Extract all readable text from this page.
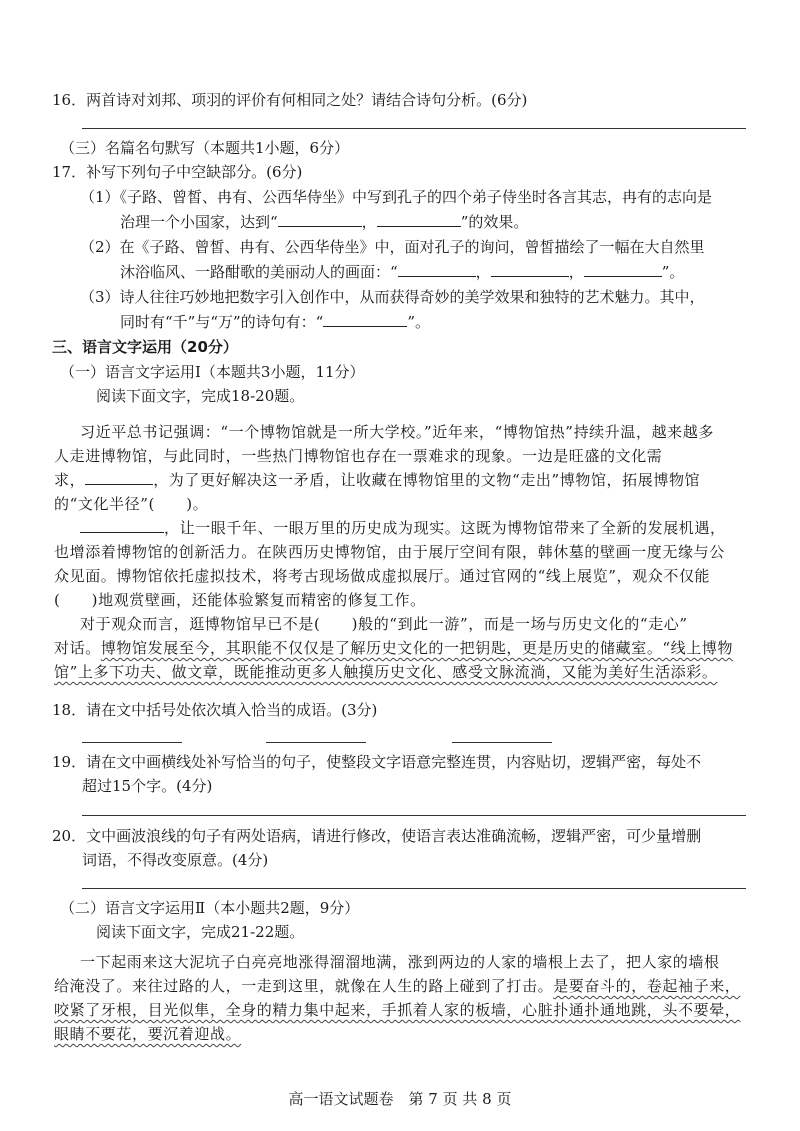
16．两首诗对刘邦、项羽的评价有何相同之处？请结合诗句分析。(6分)
（三）名篇名句默写（本题共1小题，6分）
17．补写下列句子中空缺部分。(6分)
（1）《子路、曾皙、冉有、公西华侍坐》中写到孔子的四个弟子侍坐时各言其志，冉有的志向是
治理一个小国家，达到“	，	”的效果。
（2）在《子路、曾皙、冉有、公西华侍坐》中，面对孔子的询问，曾皙描绘了一幅在大自然里
沐浴临风、一路酣歌的美丽动人的画面：“	，	，	”。
（3）诗人往往巧妙地把数字引入创作中，从而获得奇妙的美学效果和独特的艺术魅力。其中，
同时有“千”与“万”的诗句有：“	”。
三、语言文字运用（20分）
（一）语言文字运用Ⅰ（本题共3小题，11分）
阅读下面文字，完成18-20题。
习近平总书记强调：“一个博物馆就是一所大学校。”近年来，“博物馆热”持续升温，越来越多
人走进博物馆，与此同时，一些热门博物馆也存在一票难求的现象。一边是旺盛的文化需
求，	，为了更好解决这一矛盾，让收藏在博物馆里的文物“走出”博物馆，拓展博物馆
的“文化半径”(　　)。
，让一眼千年、一眼万里的历史成为现实。这既为博物馆带来了全新的发展机遇，
也增添着博物馆的创新活力。在陕西历史博物馆，由于展厅空间有限，韩休墓的壁画一度无缘与公
众见面。博物馆依托虚拟技术，将考古现场做成虚拟展厅。通过官网的“线上展览”，观众不仅能
(　　)地观赏壁画，还能体验繁复而精密的修复工作。
对于观众而言，逛博物馆早已不是(　　)般的“到此一游”，而是一场与历史文化的“走心”
对话。博物馆发展至今，其职能不仅仅是了解历史文化的一把钥匙，更是历史的储藏室。“线上博物
馆”上多下功夫、做文章，既能推动更多人触摸历史文化、感受文脉流淌，又能为美好生活添彩。
18．请在文中括号处依次填入恰当的成语。(3分)
19．请在文中画横线处补写恰当的句子，使整段文字语意完整连贯，内容贴切，逻辑严密，每处不
超过15个字。(4分)
20．文中画波浪线的句子有两处语病，请进行修改，使语言表达准确流畅，逻辑严密，可少量增删
词语，不得改变原意。(4分)
（二）语言文字运用Ⅱ（本小题共2题，9分）
阅读下面文字，完成21-22题。
一下起雨来这大泥坑子白亮亮地涨得溜溜地满，涨到两边的人家的墙根上去了，把人家的墙根
给淹没了。来往过路的人，一走到这里，就像在人生的路上碰到了打击。是要奋斗的，卷起袖子来，
咬紧了牙根，目光似隼，全身的精力集中起来，手抓着人家的板墙，心脏扑通扑通地跳，头不要晕，
眼睛不要花，要沉着迎战。
高一语文试题卷　第 7 页 共 8 页
